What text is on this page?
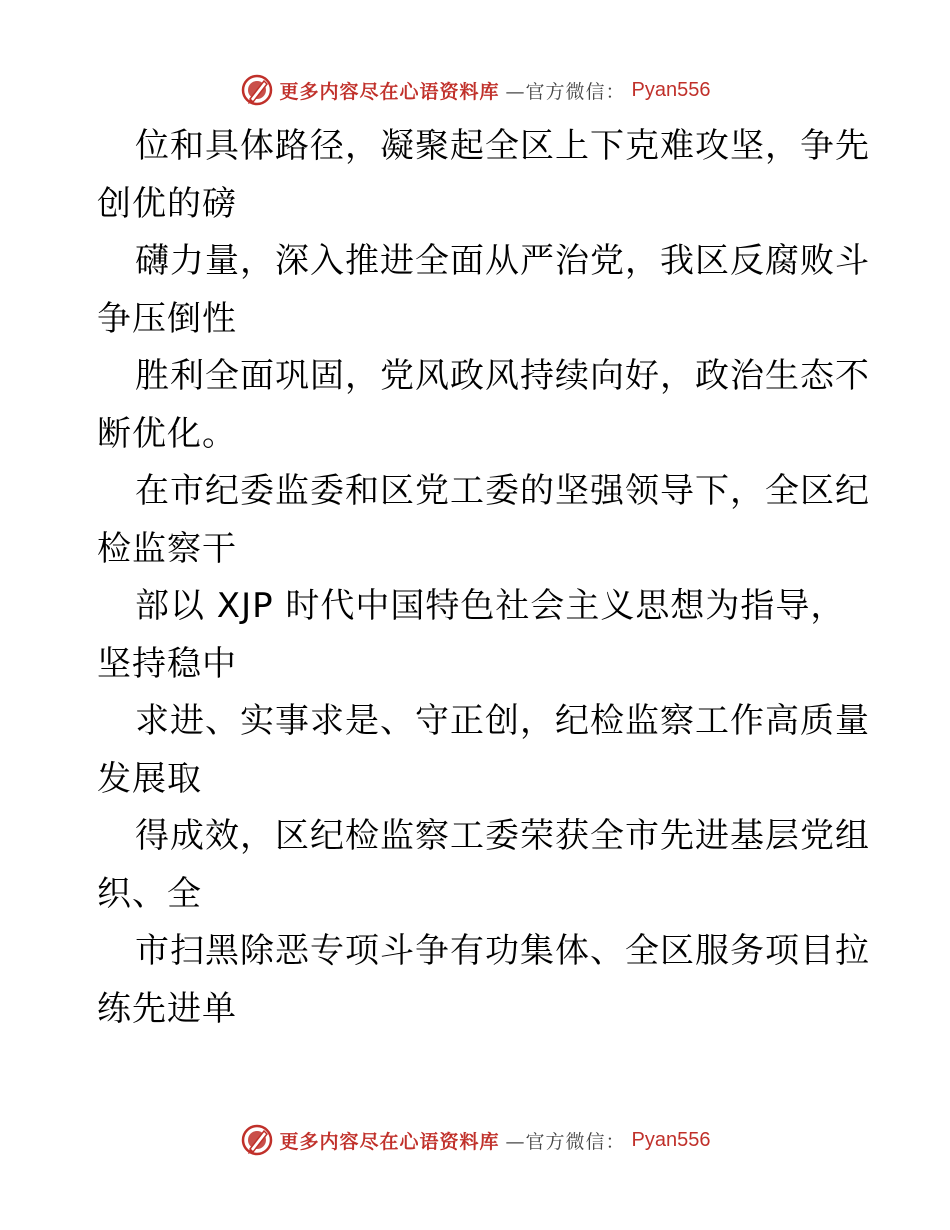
更多内容尽在心语资料库 —官方微信： Pyan556
位和具体路径，凝聚起全区上下克难攻坚，争先
创优的磅
礴力量，深入推进全面从严治党，我区反腐败斗
争压倒性
胜利全面巩固，党风政风持续向好，政治生态不
断优化。
在市纪委监委和区党工委的坚强领导下，全区纪
检监察干
部以 XJP 时代中国特色社会主义思想为指导，
坚持稳中
求进、实事求是、守正创，纪检监察工作高质量
发展取
得成效，区纪检监察工委荣获全市先进基层党组
织、全
市扫黑除恶专项斗争有功集体、全区服务项目拉
练先进单
更多内容尽在心语资料库 —官方微信： Pyan556
